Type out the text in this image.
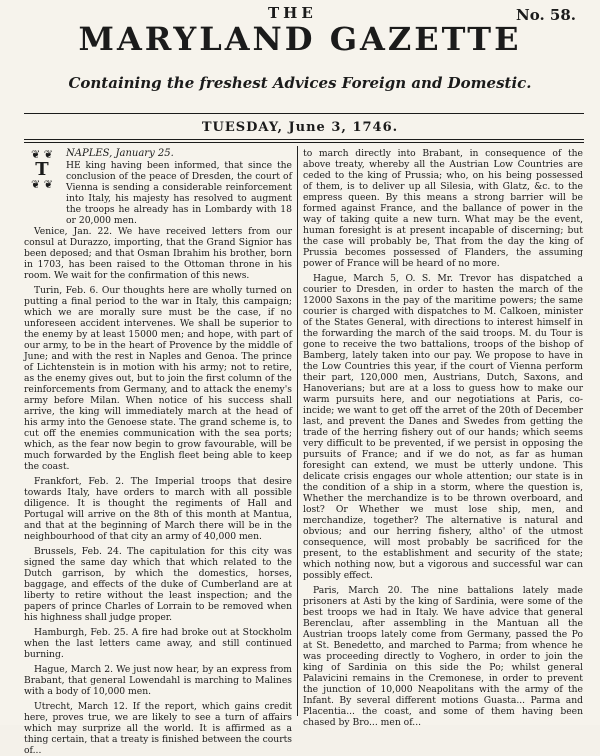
THE	No. 58.
MARYLAND GAZETTE
Containing the freshest Advices Foreign and Domestic.
TUESDAY, June 3, 1746.
❦ ❦
T
❦ ❦
NAPLES, January 25.
HE king having been informed, that since the conclusion of the peace of Dresden, the court of Vienna is sending a considerable reinforcement into Italy, his majesty has resolved to augment the troops he already has in Lombardy with 18 or 20,000 men.

Venice, Jan. 22. We have received letters from our consul at Durazzo, importing, that the Grand Signior has been deposed; and that Osman Ibrahim his brother, born in 1703, has been raised to the Ottoman throne in his room. We wait for the confirmation of this news.

Turin, Feb. 6. Our thoughts here are wholly turned on putting a final period to the war in Italy, this campaign; which we are morally sure must be the case, if no unforeseen accident intervenes. We shall be superior to the enemy by at least 15000 men; and hope, with part of our army, to be in the heart of Provence by the middle of June; and with the rest in Naples and Genoa. The prince of Lichtenstein is in motion with his army; not to retire, as the enemy gives out, but to join the first column of the reinforcements from Germany, and to attack the enemy's army before Milan. When notice of his success shall arrive, the king will immediately march at the head of his army into the Genoese state. The grand scheme is, to cut off the enemies communication with the sea ports; which, as the fear now begin to grow favourable, will be much forwarded by the English fleet being able to keep the coast.

Frankfort, Feb. 2. The Imperial troops that desire towards Italy, have orders to march with all possible diligence. It is thought the regiments of Hall and Portugal will arrive on the 8th of this month at Mantua, and that at the beginning of March there will be in the neighbourhood of that city an army of 40,000 men.

Brussels, Feb. 24. The capitulation for this city was signed the same day which that which related to the Dutch garrison, by which the domestics, horses, baggage, and effects of the duke of Cumberland are at liberty to retire without the least inspection; and the papers of prince Charles of Lorrain to be removed when his highness shall judge proper.

Hamburgh, Feb. 25. A fire had broke out at Stockholm when the last letters came away, and still continued burning.

Hague, March 2. We just now hear, by an express from Brabant, that general Lowendahl is marching to Malines with a body of 10,000 men.

Utrecht, March 12. If the report, which gains credit here, proves true, we are likely to see a turn of affairs which may surprize all the world. It is affirmed as a thing certain, that a treaty is finished between the courts of...

to march directly into Brabant, in consequence of the above treaty, whereby all the Austrian Low Countries are ceded to the king of Prussia; who, on his being possessed of them, is to deliver up all Silesia, with Glatz, &c. to the empress queen. By this means a strong barrier will be formed against France, and the ballance of power in the way of taking quite a new turn. What may be the event, human foresight is at present incapable of discerning; but the case will probably be, That from the day the king of Prussia becomes possessed of Flanders, the assuming power of France will be heard of no more.

Hague, March 5, O. S. Mr. Trevor has dispatched a courier to Dresden, in order to hasten the march of the 12000 Saxons in the pay of the maritime powers; the same courier is charged with dispatches to M. Calkoen, minister of the States General, with directions to interest himself in the forwarding the march of the said troops. M. du Tour is gone to receive the two battalions, troops of the bishop of Bamberg, lately taken into our pay. We propose to have in the Low Countries this year, if the court of Vienna perform their part, 120,000 men, Austrians, Dutch, Saxons, and Hanoverians; but are at a loss to guess how to make our warm pursuits here, and our negotiations at Paris, co-incide; we want to get off the arret of the 20th of December last, and prevent the Danes and Swedes from getting the trade of the herring fishery out of our hands; which seems very difficult to be prevented, if we persist in opposing the pursuits of France; and if we do not, as far as human foresight can extend, we must be utterly undone. This delicate crisis engages our whole attention; our state is in the condition of a ship in a storm, where the question is, Whether the merchandize is to be thrown overboard, and lost? Or Whether we must lose ship, men, and merchandize, together? The alternative is natural and obvious; and our herring fishery, altho' of the utmost consequence, will most probably be sacrificed for the present, to the establishment and security of the state; which nothing now, but a vigorous and successful war can possibly effect.

Paris, March 20. The nine battalions lately made prisoners at Asti by the king of Sardinia, were some of the best troops we had in Italy. We have advice that general Berenclau, after assembling in the Mantuan all the Austrian troops lately come from Germany, passed the Po at St. Benedetto, and marched to Parma; from whence he was proceeding directly to Voghero, in order to join the king of Sardinia on this side the Po; whilst general Palavicini remains in the Cremonese, in order to prevent the junction of 10,000 Neapolitans with the army of the Infant. By several different motions Guasta... Parma and Placentia... the coast, and some of them having been chased by Bro... men of...
